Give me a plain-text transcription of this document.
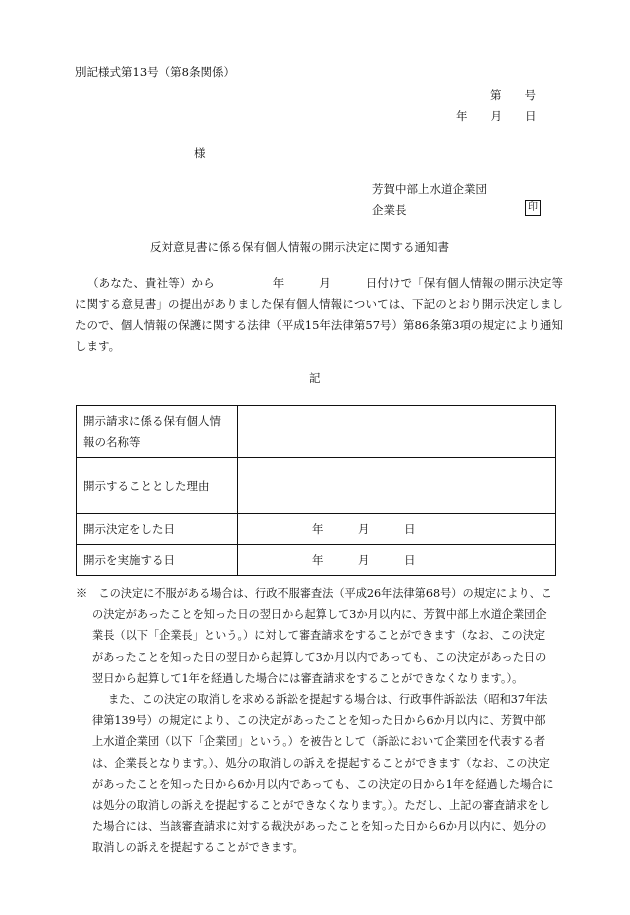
別記様式第13号（第8条関係）
第　　号
年　　月　　日
様
芳賀中部上水道企業団
企業長	印
反対意見書に係る保有個人情報の開示決定に関する通知書
（あなた、貴社等）から　　　　　年　　　月　　　日付けで「保有個人情報の開示決定等に関する意見書」の提出がありました保有個人情報については、下記のとおり開示決定しましたので、個人情報の保護に関する法律（平成15年法律第57号）第86条第3項の規定により通知します。
記
開示請求に係る保有個人情報の名称等	
開示することとした理由	
開示決定をした日	年　　　月　　　日
開示を実施する日	年　　　月　　　日
※　この決定に不服がある場合は、行政不服審査法（平成26年法律第68号）の規定により、この決定があったことを知った日の翌日から起算して3か月以内に、芳賀中部上水道企業団企業長（以下「企業長」という。）に対して審査請求をすることができます（なお、この決定があったことを知った日の翌日から起算して3か月以内であっても、この決定があった日の翌日から起算して1年を経過した場合には審査請求をすることができなくなります。）。
また、この決定の取消しを求める訴訟を提起する場合は、行政事件訴訟法（昭和37年法律第139号）の規定により、この決定があったことを知った日から6か月以内に、芳賀中部上水道企業団（以下「企業団」という。）を被告として（訴訟において企業団を代表する者は、企業長となります。）、処分の取消しの訴えを提起することができます（なお、この決定があったことを知った日から6か月以内であっても、この決定の日から1年を経過した場合には処分の取消しの訴えを提起することができなくなります。）。ただし、上記の審査請求をした場合には、当該審査請求に対する裁決があったことを知った日から6か月以内に、処分の取消しの訴えを提起することができます。
